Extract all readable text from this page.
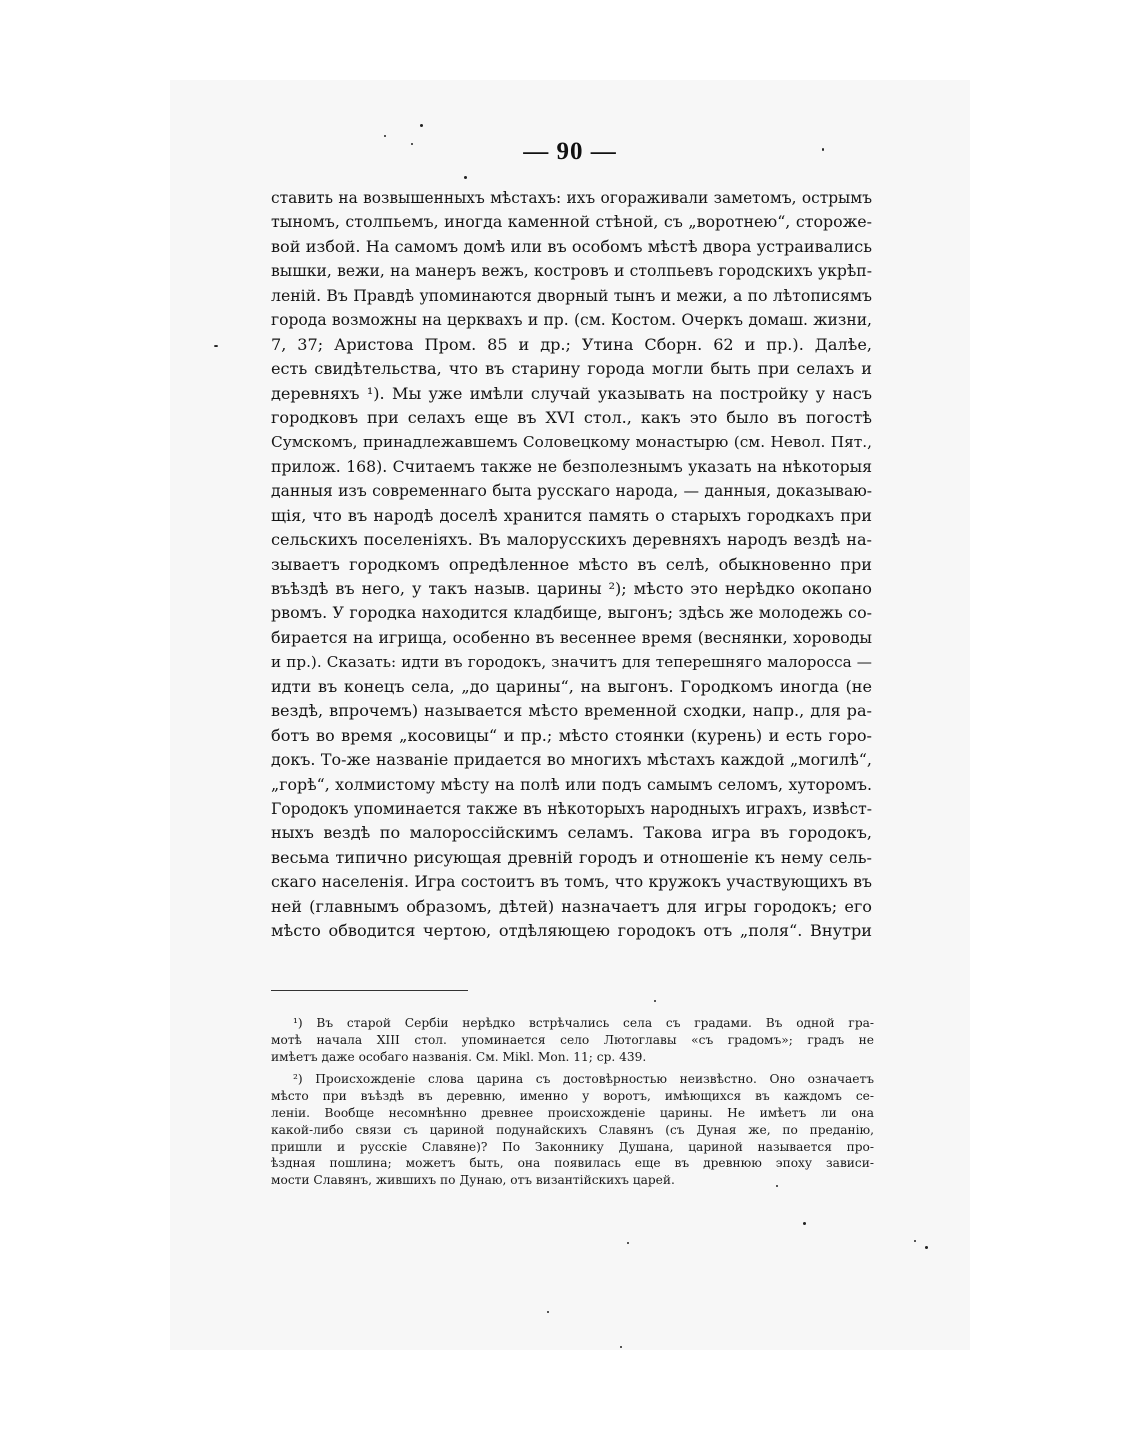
— 90 —
ставить на возвышенныхъ мѣстахъ: ихъ огораживали заметомъ, острымъ
тыномъ, столпьемъ, иногда каменной стѣной, съ „воротнею“, стороже-
вой избой. На самомъ домѣ или въ особомъ мѣстѣ двора устраивались
вышки, вежи, на манеръ вежъ, костровъ и столпьевъ городскихъ укрѣп-
леній. Въ Правдѣ упоминаются дворный тынъ и межи, а по лѣтописямъ
города возможны на церквахъ и пр. (см. Костом. Очеркъ домаш. жизни,
7, 37; Аристова Пром. 85 и др.; Утина Сборн. 62 и пр.). Далѣе,
есть свидѣтельства, что въ старину города могли быть при селахъ и
деревняхъ ¹). Мы уже имѣли случай указывать на постройку у насъ
городковъ при селахъ еще въ XVI стол., какъ это было въ погостѣ
Сумскомъ, принадлежавшемъ Соловецкому монастырю (см. Невол. Пят.,
прилож. 168). Считаемъ также не безполезнымъ указать на нѣкоторыя
данныя изъ современнаго быта русскаго народа, — данныя, доказываю-
щія, что въ народѣ доселѣ хранится память о старыхъ городкахъ при
сельскихъ поселеніяхъ. Въ малорусскихъ деревняхъ народъ вездѣ на-
зываетъ городкомъ опредѣленное мѣсто въ селѣ, обыкновенно при
въѣздѣ въ него, у такъ назыв. царины ²); мѣсто это нерѣдко окопано
рвомъ. У городка находится кладбище, выгонъ; здѣсь же молодежь со-
бирается на игрища, особенно въ весеннее время (веснянки, хороводы
и пр.). Сказать: идти въ городокъ, значитъ для теперешняго малоросса —
идти въ конецъ села, „до царины“, на выгонъ. Городкомъ иногда (не
вездѣ, впрочемъ) называется мѣсто временной сходки, напр., для ра-
ботъ во время „косовицы“ и пр.; мѣсто стоянки (курень) и есть горо-
докъ. То-же названіе придается во многихъ мѣстахъ каждой „могилѣ“,
„горѣ“, холмистому мѣсту на полѣ или подъ самымъ селомъ, хуторомъ.
Городокъ упоминается также въ нѣкоторыхъ народныхъ играхъ, извѣст-
ныхъ вездѣ по малороссійскимъ селамъ. Такова игра въ городокъ,
весьма типично рисующая древній городъ и отношеніе къ нему сель-
скаго населенія. Игра состоитъ въ томъ, что кружокъ участвующихъ въ
ней (главнымъ образомъ, дѣтей) назначаетъ для игры городокъ; его
мѣсто обводится чертою, отдѣляющею городокъ отъ „поля“. Внутри
¹) Въ старой Сербіи нерѣдко встрѣчались села съ градами. Въ одной гра-
мотѣ начала XIII стол. упоминается село Лютоглавы «съ градомъ»; градъ не
имѣетъ даже особаго названія. См. Mikl. Mon. 11; ср. 439.
²) Происхожденіе слова царина съ достовѣрностью неизвѣстно. Оно означаетъ
мѣсто при въѣздѣ въ деревню, именно у воротъ, имѣющихся въ каждомъ се-
леніи. Вообще несомнѣнно древнее происхожденіе царины. Не имѣетъ ли она
какой-либо связи съ цариной подунайскихъ Славянъ (съ Дуная же, по преданію,
пришли и русскіе Славяне)? По Законнику Душана, цариной называется про-
ѣздная пошлина; можетъ быть, она появилась еще въ древнюю эпоху зависи-
мости Славянъ, жившихъ по Дунаю, отъ византійскихъ царей.
